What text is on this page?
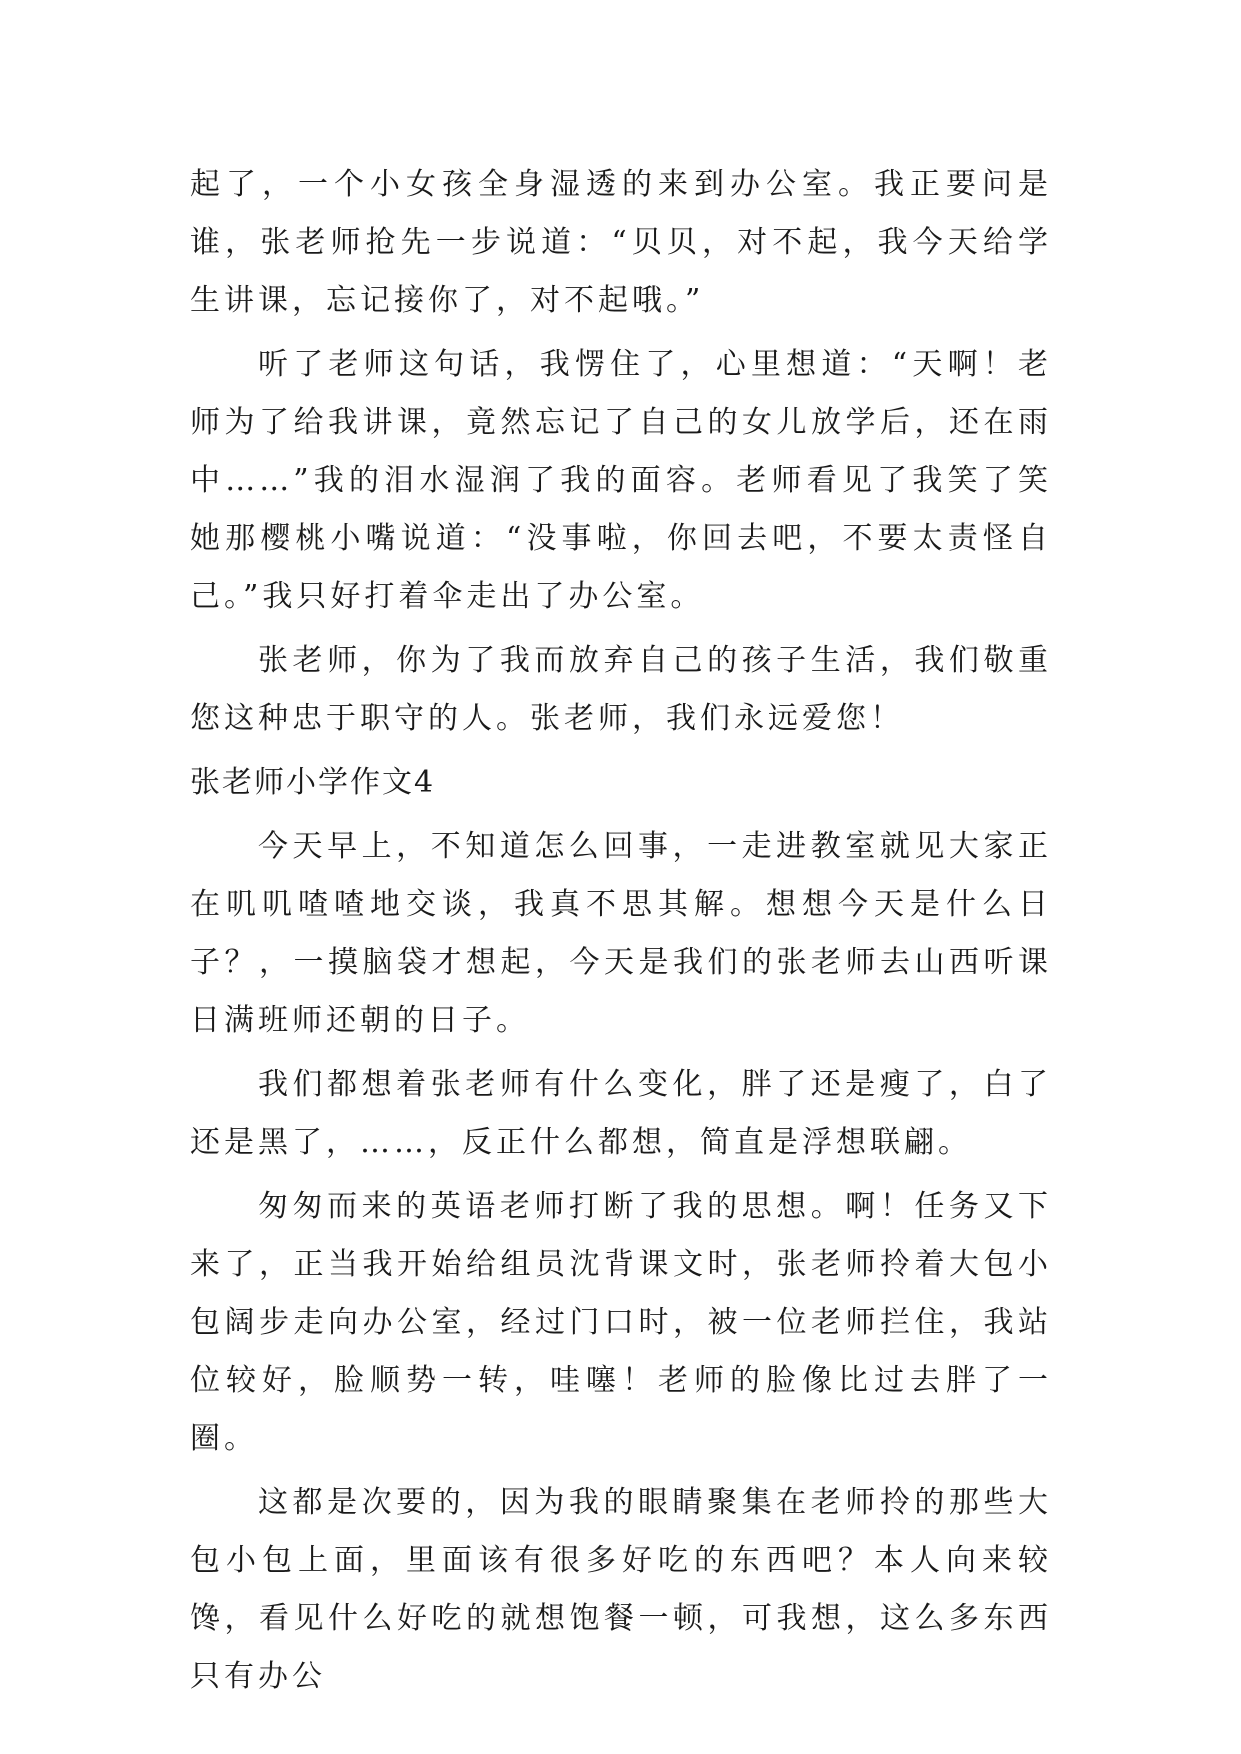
起了，一个小女孩全身湿透的来到办公室。我正要问是谁，张老师抢先一步说道：“贝贝，对不起，我今天给学生讲课，忘记接你了，对不起哦。”

听了老师这句话，我愣住了，心里想道：“天啊！老师为了给我讲课，竟然忘记了自己的女儿放学后，还在雨中……”我的泪水湿润了我的面容。老师看见了我笑了笑她那樱桃小嘴说道：“没事啦，你回去吧，不要太责怪自己。”我只好打着伞走出了办公室。

张老师，你为了我而放弃自己的孩子生活，我们敬重您这种忠于职守的人。张老师，我们永远爱您！

张老师小学作文4

今天早上，不知道怎么回事，一走进教室就见大家正在叽叽喳喳地交谈，我真不思其解。想想今天是什么日子？，一摸脑袋才想起，今天是我们的张老师去山西听课日满班师还朝的日子。

我们都想着张老师有什么变化，胖了还是瘦了，白了还是黑了，……，反正什么都想，简直是浮想联翩。

匆匆而来的英语老师打断了我的思想。啊！任务又下来了，正当我开始给组员沈背课文时，张老师拎着大包小包阔步走向办公室，经过门口时，被一位老师拦住，我站位较好，脸顺势一转，哇噻！老师的脸像比过去胖了一圈。

这都是次要的，因为我的眼睛聚集在老师拎的那些大包小包上面，里面该有很多好吃的东西吧？本人向来较馋，看见什么好吃的就想饱餐一顿，可我想，这么多东西只有办公
